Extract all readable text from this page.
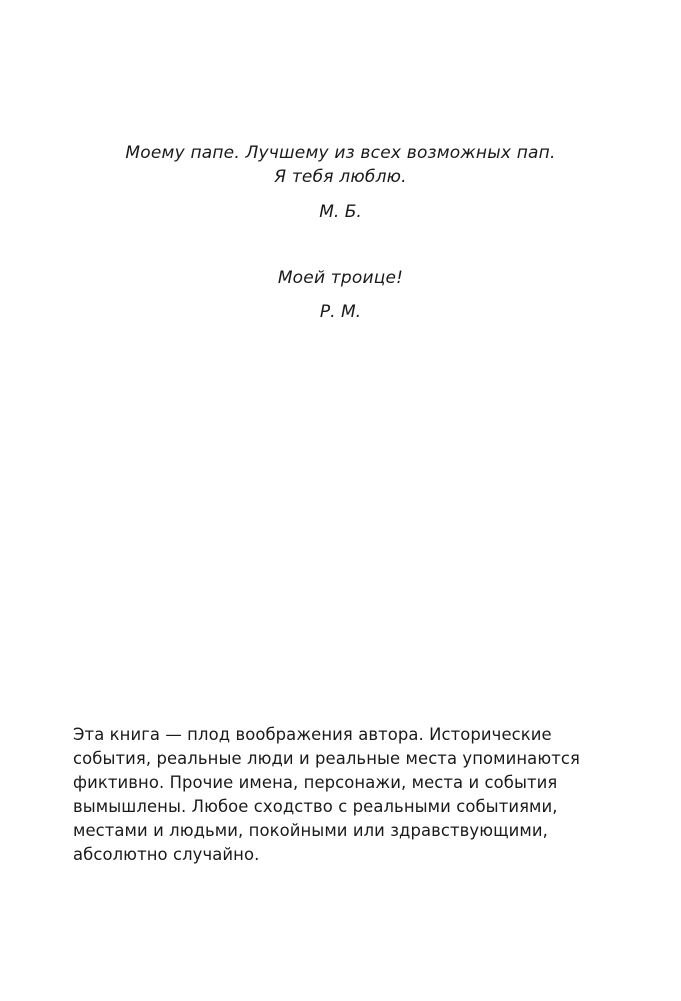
Моему папе. Лучшему из всех возможных пап.
Я тебя люблю.
М. Б.
Моей троице!
Р. М.
Эта книга — плод воображения автора. Исторические
события, реальные люди и реальные места упоминаются
фиктивно. Прочие имена, персонажи, места и события
вымышлены. Любое сходство с реальными событиями,
местами и людьми, покойными или здравствующими,
абсолютно случайно.
